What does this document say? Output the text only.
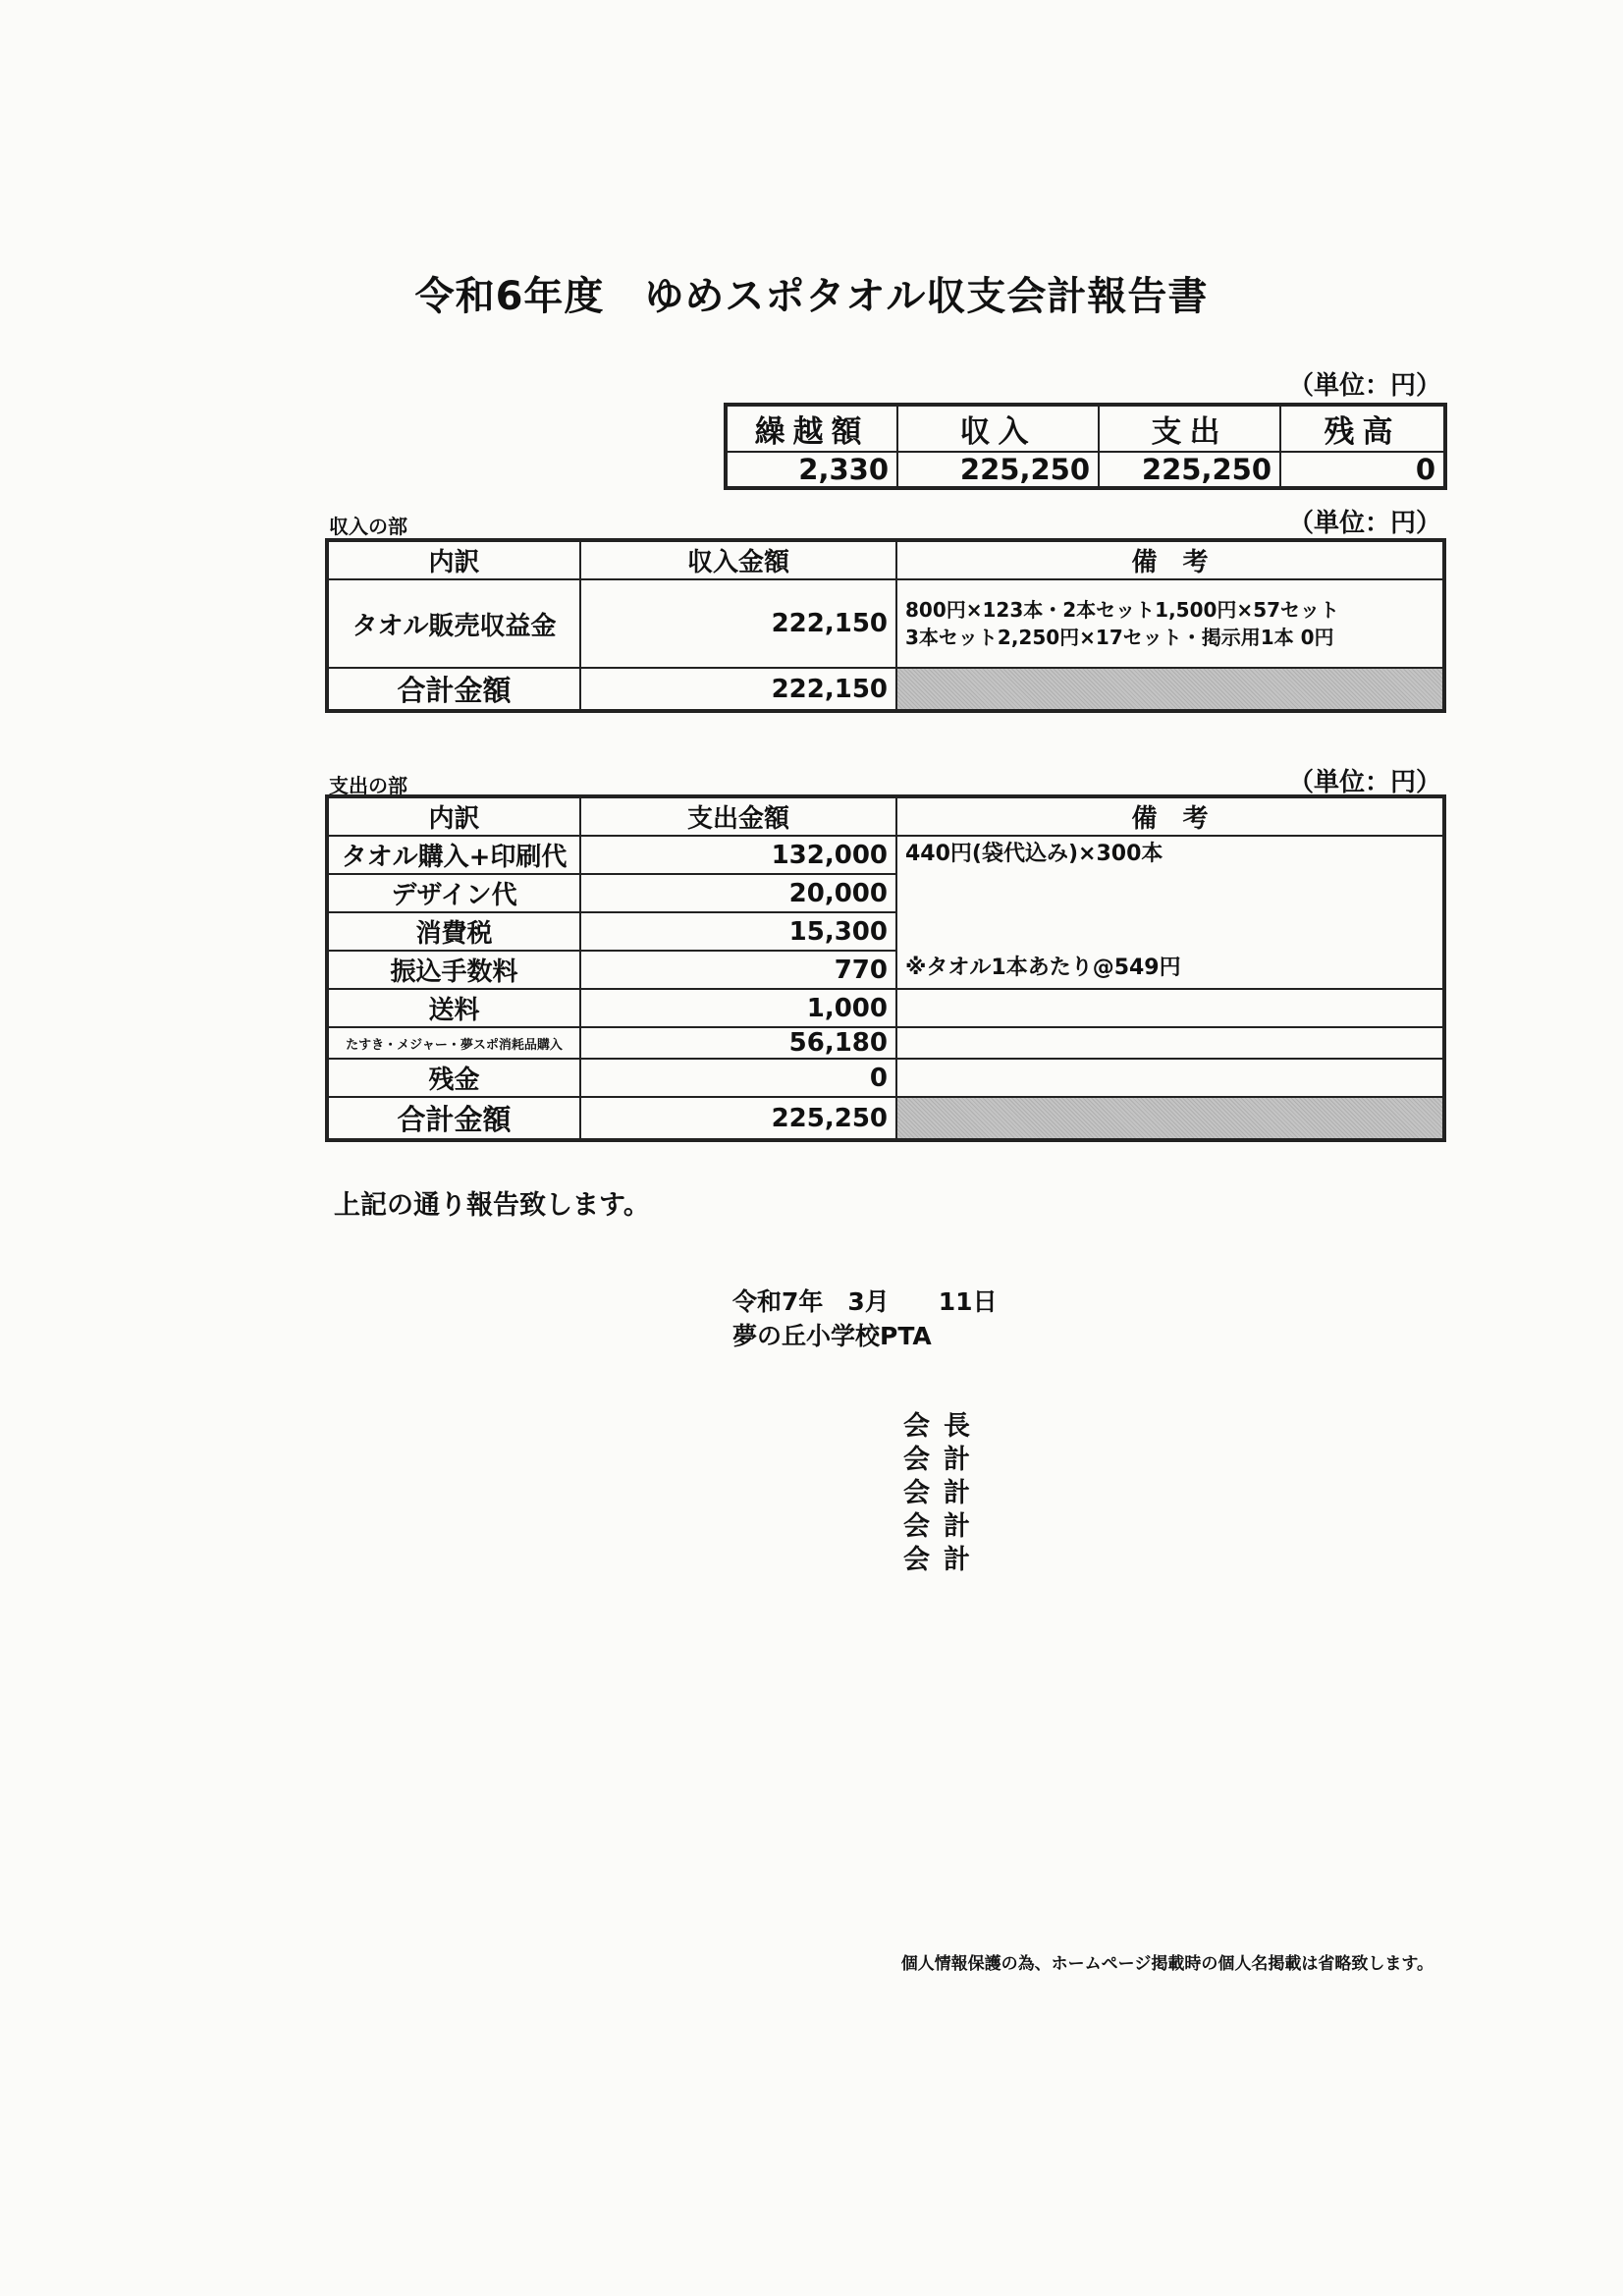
令和6年度　ゆめスポタオル収支会計報告書
（単位：円）
繰越額	収入	支出	残高
2,330	225,250	225,250	0
収入の部	（単位：円）
内訳	収入金額	備　考
タオル販売収益金	222,150	800円×123本・2本セット1,500円×57セット
3本セット2,250円×17セット・掲示用1本 0円

合計金額	222,150	
支出の部	（単位：円）
内訳	支出金額	備　考
タオル購入+印刷代	132,000	440円(袋代込み)×300本
デザイン代	20,000	
消費税	15,300	
振込手数料	770	※タオル1本あたり@549円
送料	1,000	
たすき・メジャー・夢スポ消耗品購入	56,180	
残金	0	
合計金額	225,250	
上記の通り報告致します。
令和7年　3月　　11日
夢の丘小学校PTA
会長
会計
会計
会計
会計
個人情報保護の為、ホームページ掲載時の個人名掲載は省略致します。
